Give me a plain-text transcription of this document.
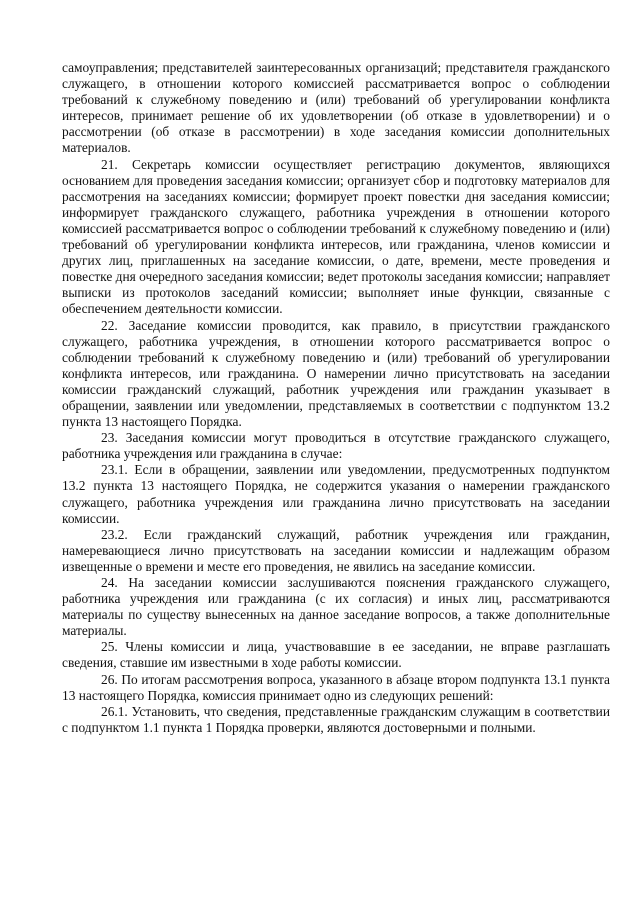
самоуправления; представителей заинтересованных организаций; представителя гражданского служащего, в отношении которого комиссией рассматривается вопрос о соблюдении требований к служебному поведению и (или) требований об урегулировании конфликта интересов, принимает решение об их удовлетворении (об отказе в удовлетворении) и о рассмотрении (об отказе в рассмотрении) в ходе заседания комиссии дополнительных материалов.

21. Секретарь комиссии осуществляет регистрацию документов, являющихся основанием для проведения заседания комиссии; организует сбор и подготовку материалов для рассмотрения на заседаниях комиссии; формирует проект повестки дня заседания комиссии; информирует гражданского служащего, работника учреждения в отношении которого комиссией рассматривается вопрос о соблюдении требований к служебному поведению и (или) требований об урегулировании конфликта интересов, или гражданина, членов комиссии и других лиц, приглашенных на заседание комиссии, о дате, времени, месте проведения и повестке дня очередного заседания комиссии; ведет протоколы заседания комиссии; направляет выписки из протоколов заседаний комиссии; выполняет иные функции, связанные с обеспечением деятельности комиссии.

22. Заседание комиссии проводится, как правило, в присутствии гражданского служащего, работника учреждения, в отношении которого рассматривается вопрос о соблюдении требований к служебному поведению и (или) требований об урегулировании конфликта интересов, или гражданина. О намерении лично присутствовать на заседании комиссии гражданский служащий, работник учреждения или гражданин указывает в обращении, заявлении или уведомлении, представляемых в соответствии с подпунктом 13.2 пункта 13 настоящего Порядка.

23. Заседания комиссии могут проводиться в отсутствие гражданского служащего, работника учреждения или гражданина в случае:

23.1. Если в обращении, заявлении или уведомлении, предусмотренных подпунктом 13.2 пункта 13 настоящего Порядка, не содержится указания о намерении гражданского служащего, работника учреждения или гражданина лично присутствовать на заседании комиссии.

23.2. Если гражданский служащий, работник учреждения или гражданин, намеревающиеся лично присутствовать на заседании комиссии и надлежащим образом извещенные о времени и месте его проведения, не явились на заседание комиссии.

24. На заседании комиссии заслушиваются пояснения гражданского служащего, работника учреждения или гражданина (с их согласия) и иных лиц, рассматриваются материалы по существу вынесенных на данное заседание вопросов, а также дополнительные материалы.

25. Члены комиссии и лица, участвовавшие в ее заседании, не вправе разглашать сведения, ставшие им известными в ходе работы комиссии.

26. По итогам рассмотрения вопроса, указанного в абзаце втором подпункта 13.1 пункта 13 настоящего Порядка, комиссия принимает одно из следующих решений:

26.1. Установить, что сведения, представленные гражданским служащим в соответствии с подпунктом 1.1 пункта 1 Порядка проверки, являются достоверными и полными.
